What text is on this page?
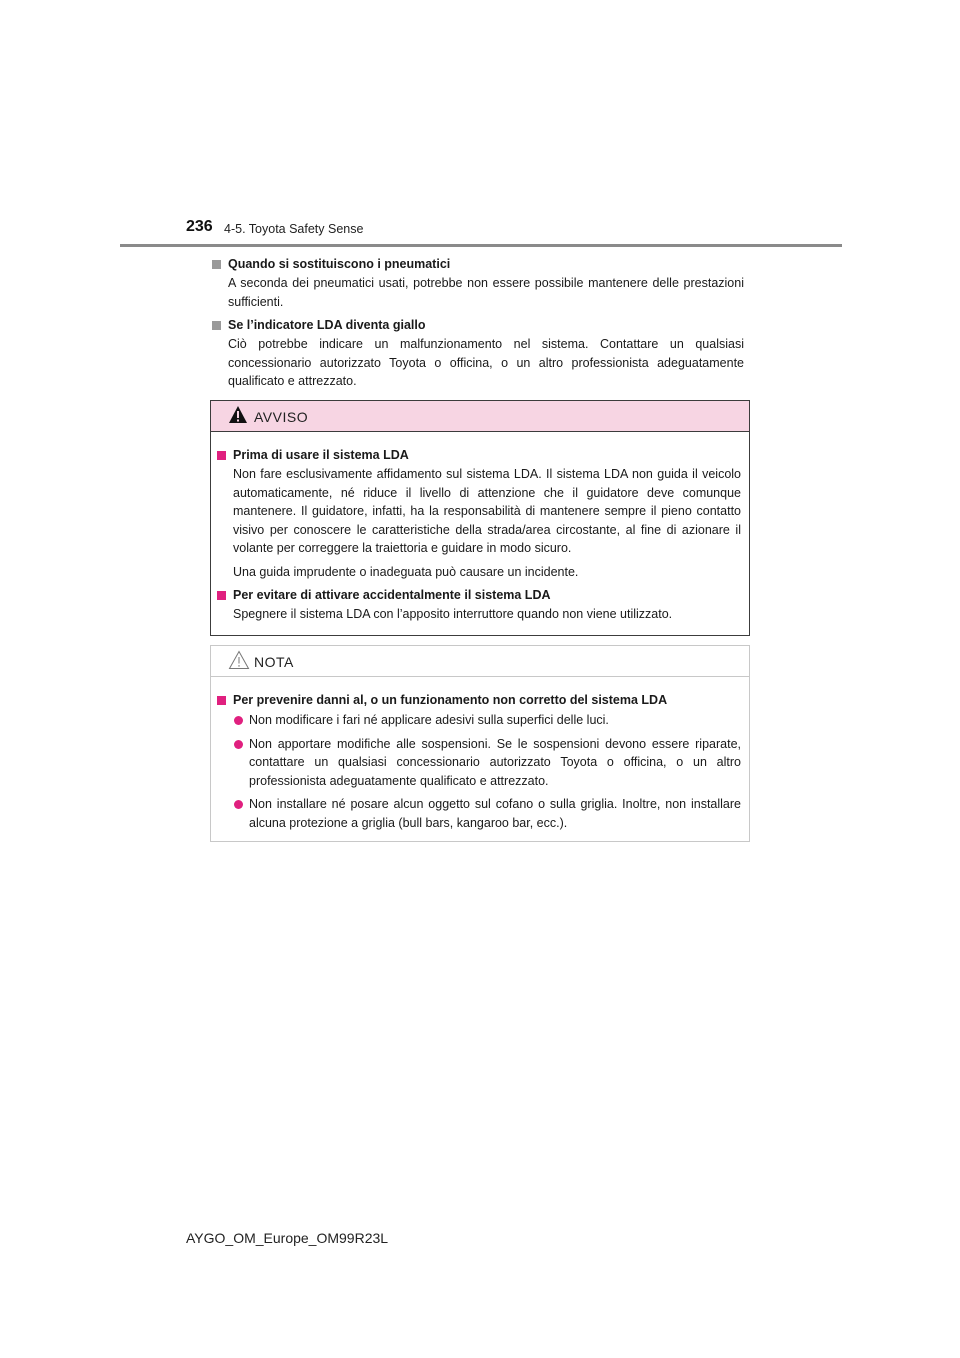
236 4-5. Toyota Safety Sense
Quando si sostituiscono i pneumatici
A seconda dei pneumatici usati, potrebbe non essere possibile mantenere delle prestazioni sufficienti.
Se l’indicatore LDA diventa giallo
Ciò potrebbe indicare un malfunzionamento nel sistema. Contattare un qualsiasi concessionario autorizzato Toyota o officina, o un altro professionista adeguatamente qualificato e attrezzato.
AVVISO
Prima di usare il sistema LDA
Non fare esclusivamente affidamento sul sistema LDA. Il sistema LDA non guida il veicolo automaticamente, né riduce il livello di attenzione che il guidatore deve comunque mantenere. Il guidatore, infatti, ha la responsabilità di mantenere sempre il pieno contatto visivo per conoscere le caratteristiche della strada/area circostante, al fine di azionare il volante per correggere la traiettoria e guidare in modo sicuro.
Una guida imprudente o inadeguata può causare un incidente.
Per evitare di attivare accidentalmente il sistema LDA
Spegnere il sistema LDA con l’apposito interruttore quando non viene utilizzato.
NOTA
Per prevenire danni al, o un funzionamento non corretto del sistema LDA
Non modificare i fari né applicare adesivi sulla superfici delle luci.
Non apportare modifiche alle sospensioni. Se le sospensioni devono essere riparate, contattare un qualsiasi concessionario autorizzato Toyota o officina, o un altro professionista adeguatamente qualificato e attrezzato.
Non installare né posare alcun oggetto sul cofano o sulla griglia. Inoltre, non installare alcuna protezione a griglia (bull bars, kangaroo bar, ecc.).
AYGO_OM_Europe_OM99R23L
